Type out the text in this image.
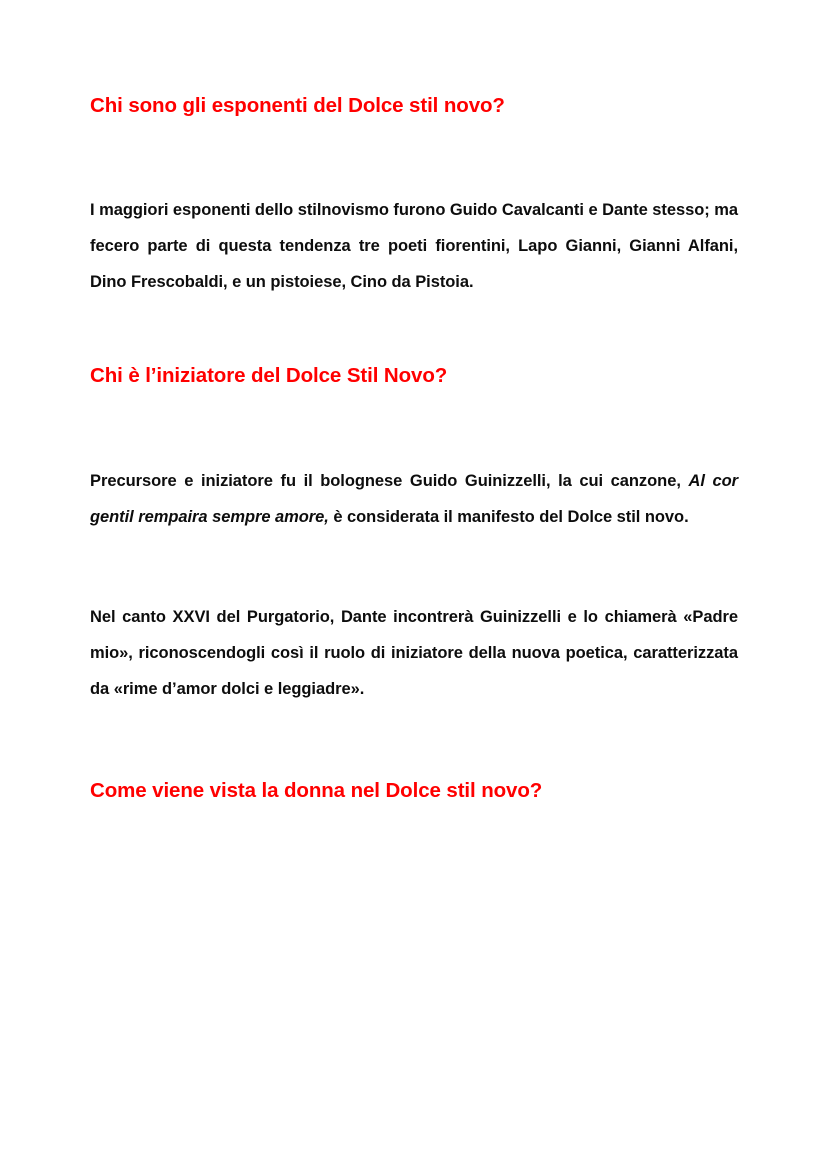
Chi sono gli esponenti del Dolce stil novo?

I maggiori esponenti dello stilnovismo furono Guido Cavalcanti e Dante stesso; ma fecero parte di questa tendenza tre poeti fiorentini, Lapo Gianni, Gianni Alfani, Dino Frescobaldi, e un pistoiese, Cino da Pistoia.

Chi è l’iniziatore del Dolce Stil Novo?

Precursore e iniziatore fu il bolognese Guido Guinizzelli, la cui canzone, Al cor gentil rempaira sempre amore, è considerata il manifesto del Dolce stil novo.

Nel canto XXVI del Purgatorio, Dante incontrerà Guinizzelli e lo chiamerà «Padre mio», riconoscendogli così il ruolo di iniziatore della nuova poetica, caratterizzata da «rime d’amor dolci e leggiadre».

Come viene vista la donna nel Dolce stil novo?
